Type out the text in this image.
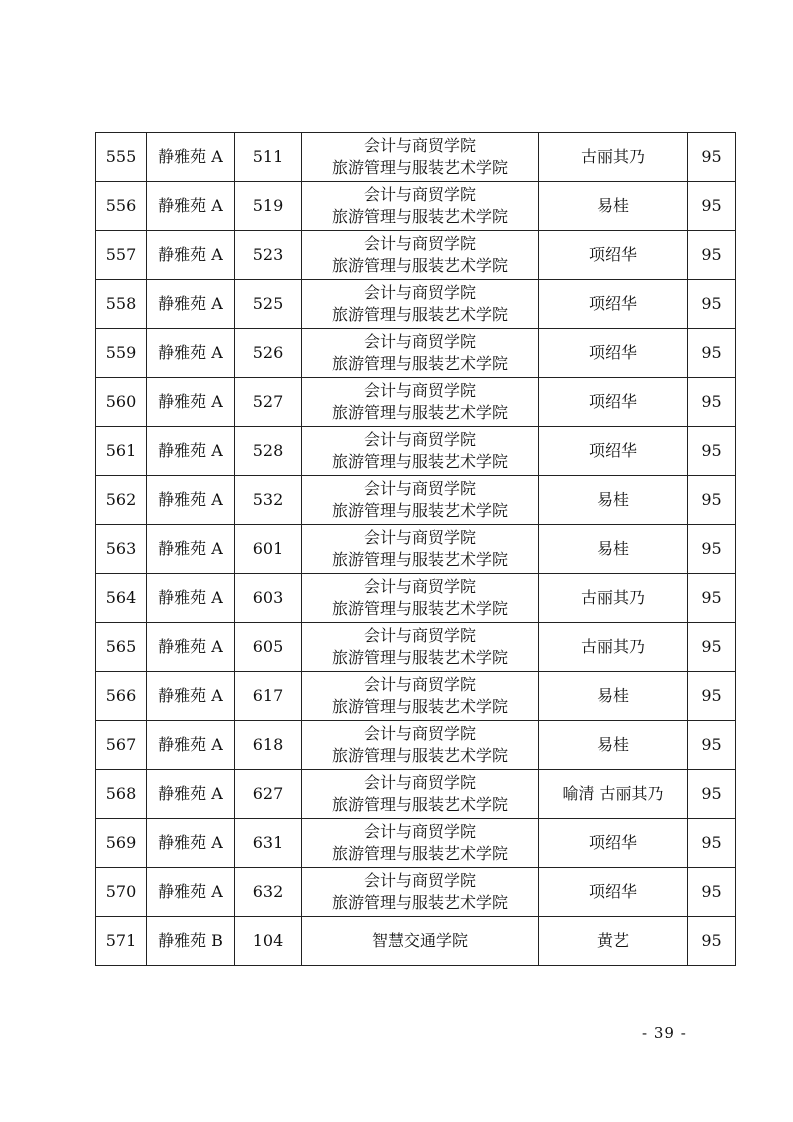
555	静雅苑 A	511	会计与商贸学院
旅游管理与服装艺术学院	古丽其乃	95
556	静雅苑 A	519	会计与商贸学院
旅游管理与服装艺术学院	易桂	95
557	静雅苑 A	523	会计与商贸学院
旅游管理与服装艺术学院	项绍华	95
558	静雅苑 A	525	会计与商贸学院
旅游管理与服装艺术学院	项绍华	95
559	静雅苑 A	526	会计与商贸学院
旅游管理与服装艺术学院	项绍华	95
560	静雅苑 A	527	会计与商贸学院
旅游管理与服装艺术学院	项绍华	95
561	静雅苑 A	528	会计与商贸学院
旅游管理与服装艺术学院	项绍华	95
562	静雅苑 A	532	会计与商贸学院
旅游管理与服装艺术学院	易桂	95
563	静雅苑 A	601	会计与商贸学院
旅游管理与服装艺术学院	易桂	95
564	静雅苑 A	603	会计与商贸学院
旅游管理与服装艺术学院	古丽其乃	95
565	静雅苑 A	605	会计与商贸学院
旅游管理与服装艺术学院	古丽其乃	95
566	静雅苑 A	617	会计与商贸学院
旅游管理与服装艺术学院	易桂	95
567	静雅苑 A	618	会计与商贸学院
旅游管理与服装艺术学院	易桂	95
568	静雅苑 A	627	会计与商贸学院
旅游管理与服装艺术学院	喻清 古丽其乃	95
569	静雅苑 A	631	会计与商贸学院
旅游管理与服装艺术学院	项绍华	95
570	静雅苑 A	632	会计与商贸学院
旅游管理与服装艺术学院	项绍华	95
571	静雅苑 B	104	智慧交通学院	黄艺	95
- 39 -
